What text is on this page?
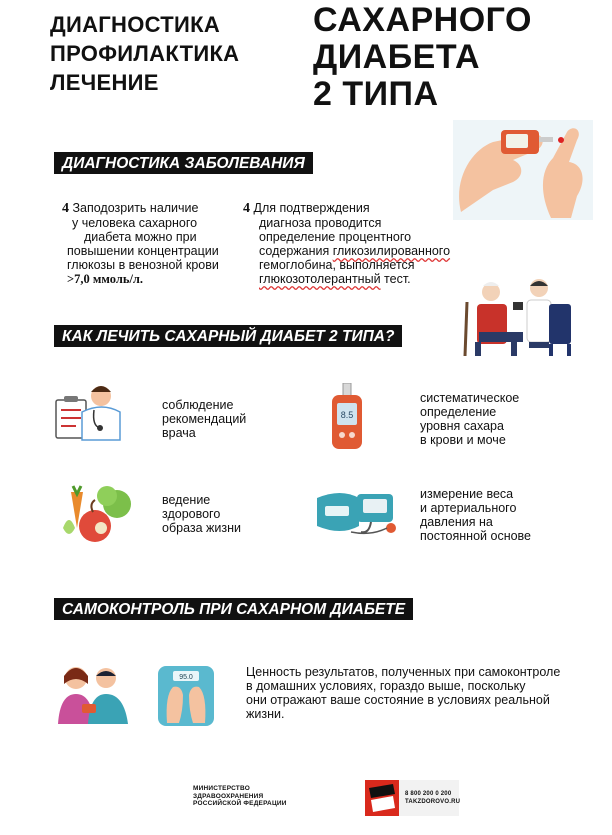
ДИАГНОСТИКА
ПРОФИЛАКТИКА
ЛЕЧЕНИЕ
САХАРНОГО
ДИАБЕТА
2 ТИПА
ДИАГНОСТИКА ЗАБОЛЕВАНИЯ
4 Заподозрить наличие
у человека сахарного
диабета можно при
повышении концентрации
глюкозы в венозной крови
>7,0 ммоль/л.
4 Для подтверждения
диагноза проводится
определение процентного
содержания гликозилированного
гемоглобина, выполняется
глюкозотолерантный тест.
КАК ЛЕЧИТЬ САХАРНЫЙ ДИАБЕТ 2 ТИПА?
соблюдение
рекомендаций
врача
8.5
систематическое
определение
уровня сахара
в крови и моче
ведение
здорового
образа жизни
измерение веса
и артериального
давления на
постоянной основе
САМОКОНТРОЛЬ ПРИ САХАРНОМ ДИАБЕТЕ
95.0	Ценность результатов, полученных при самоконтроле
в домашних условиях, гораздо выше, поскольку
они отражают ваше состояние в условиях реальной
жизни.
МИНИСТЕРСТВО
ЗДРАВООХРАНЕНИЯ
РОССИЙСКОЙ ФЕДЕРАЦИИ
8 800 200 0 200
TAKZDOROVO.RU
